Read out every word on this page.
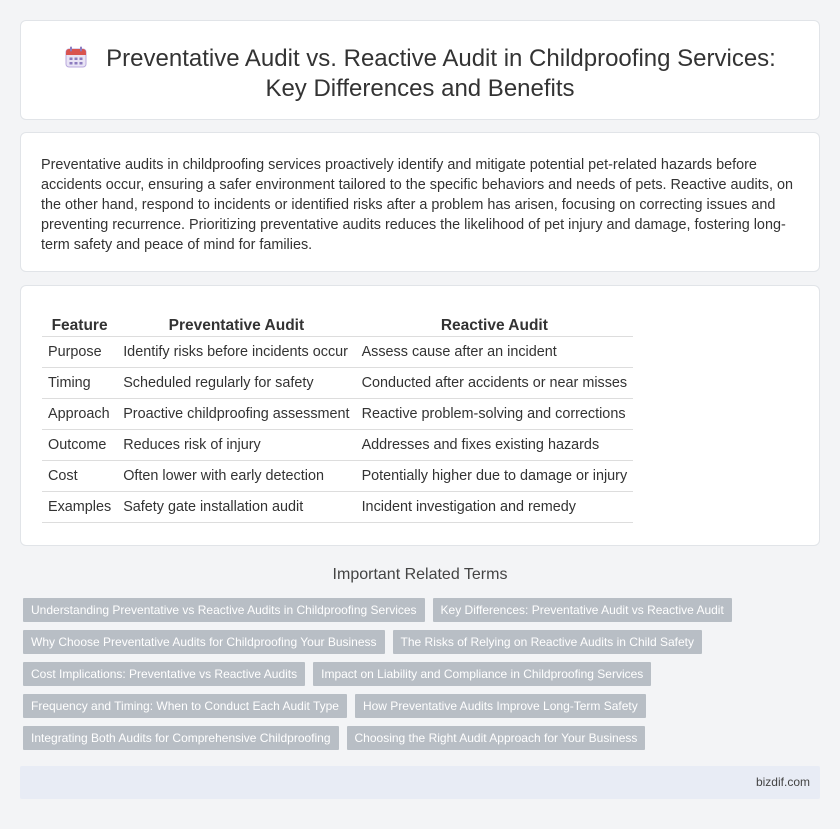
Preventative Audit vs. Reactive Audit in Childproofing Services: Key Differences and Benefits

Preventative audits in childproofing services proactively identify and mitigate potential pet-related hazards before accidents occur, ensuring a safer environment tailored to the specific behaviors and needs of pets. Reactive audits, on the other hand, respond to incidents or identified risks after a problem has arisen, focusing on correcting issues and preventing recurrence. Prioritizing preventative audits reduces the likelihood of pet injury and damage, fostering long-term safety and peace of mind for families.

Feature	Preventative Audit	Reactive Audit
Purpose	Identify risks before incidents occur	Assess cause after an incident
Timing	Scheduled regularly for safety	Conducted after accidents or near misses
Approach	Proactive childproofing assessment	Reactive problem-solving and corrections
Outcome	Reduces risk of injury	Addresses and fixes existing hazards
Cost	Often lower with early detection	Potentially higher due to damage or injury
Examples	Safety gate installation audit	Incident investigation and remedy
Important Related Terms
Understanding Preventative vs Reactive Audits in Childproofing Services	Key Differences: Preventative Audit vs Reactive Audit
Why Choose Preventative Audits for Childproofing Your Business	The Risks of Relying on Reactive Audits in Child Safety
Cost Implications: Preventative vs Reactive Audits	Impact on Liability and Compliance in Childproofing Services
Frequency and Timing: When to Conduct Each Audit Type	How Preventative Audits Improve Long-Term Safety
Integrating Both Audits for Comprehensive Childproofing	Choosing the Right Audit Approach for Your Business
bizdif.com
